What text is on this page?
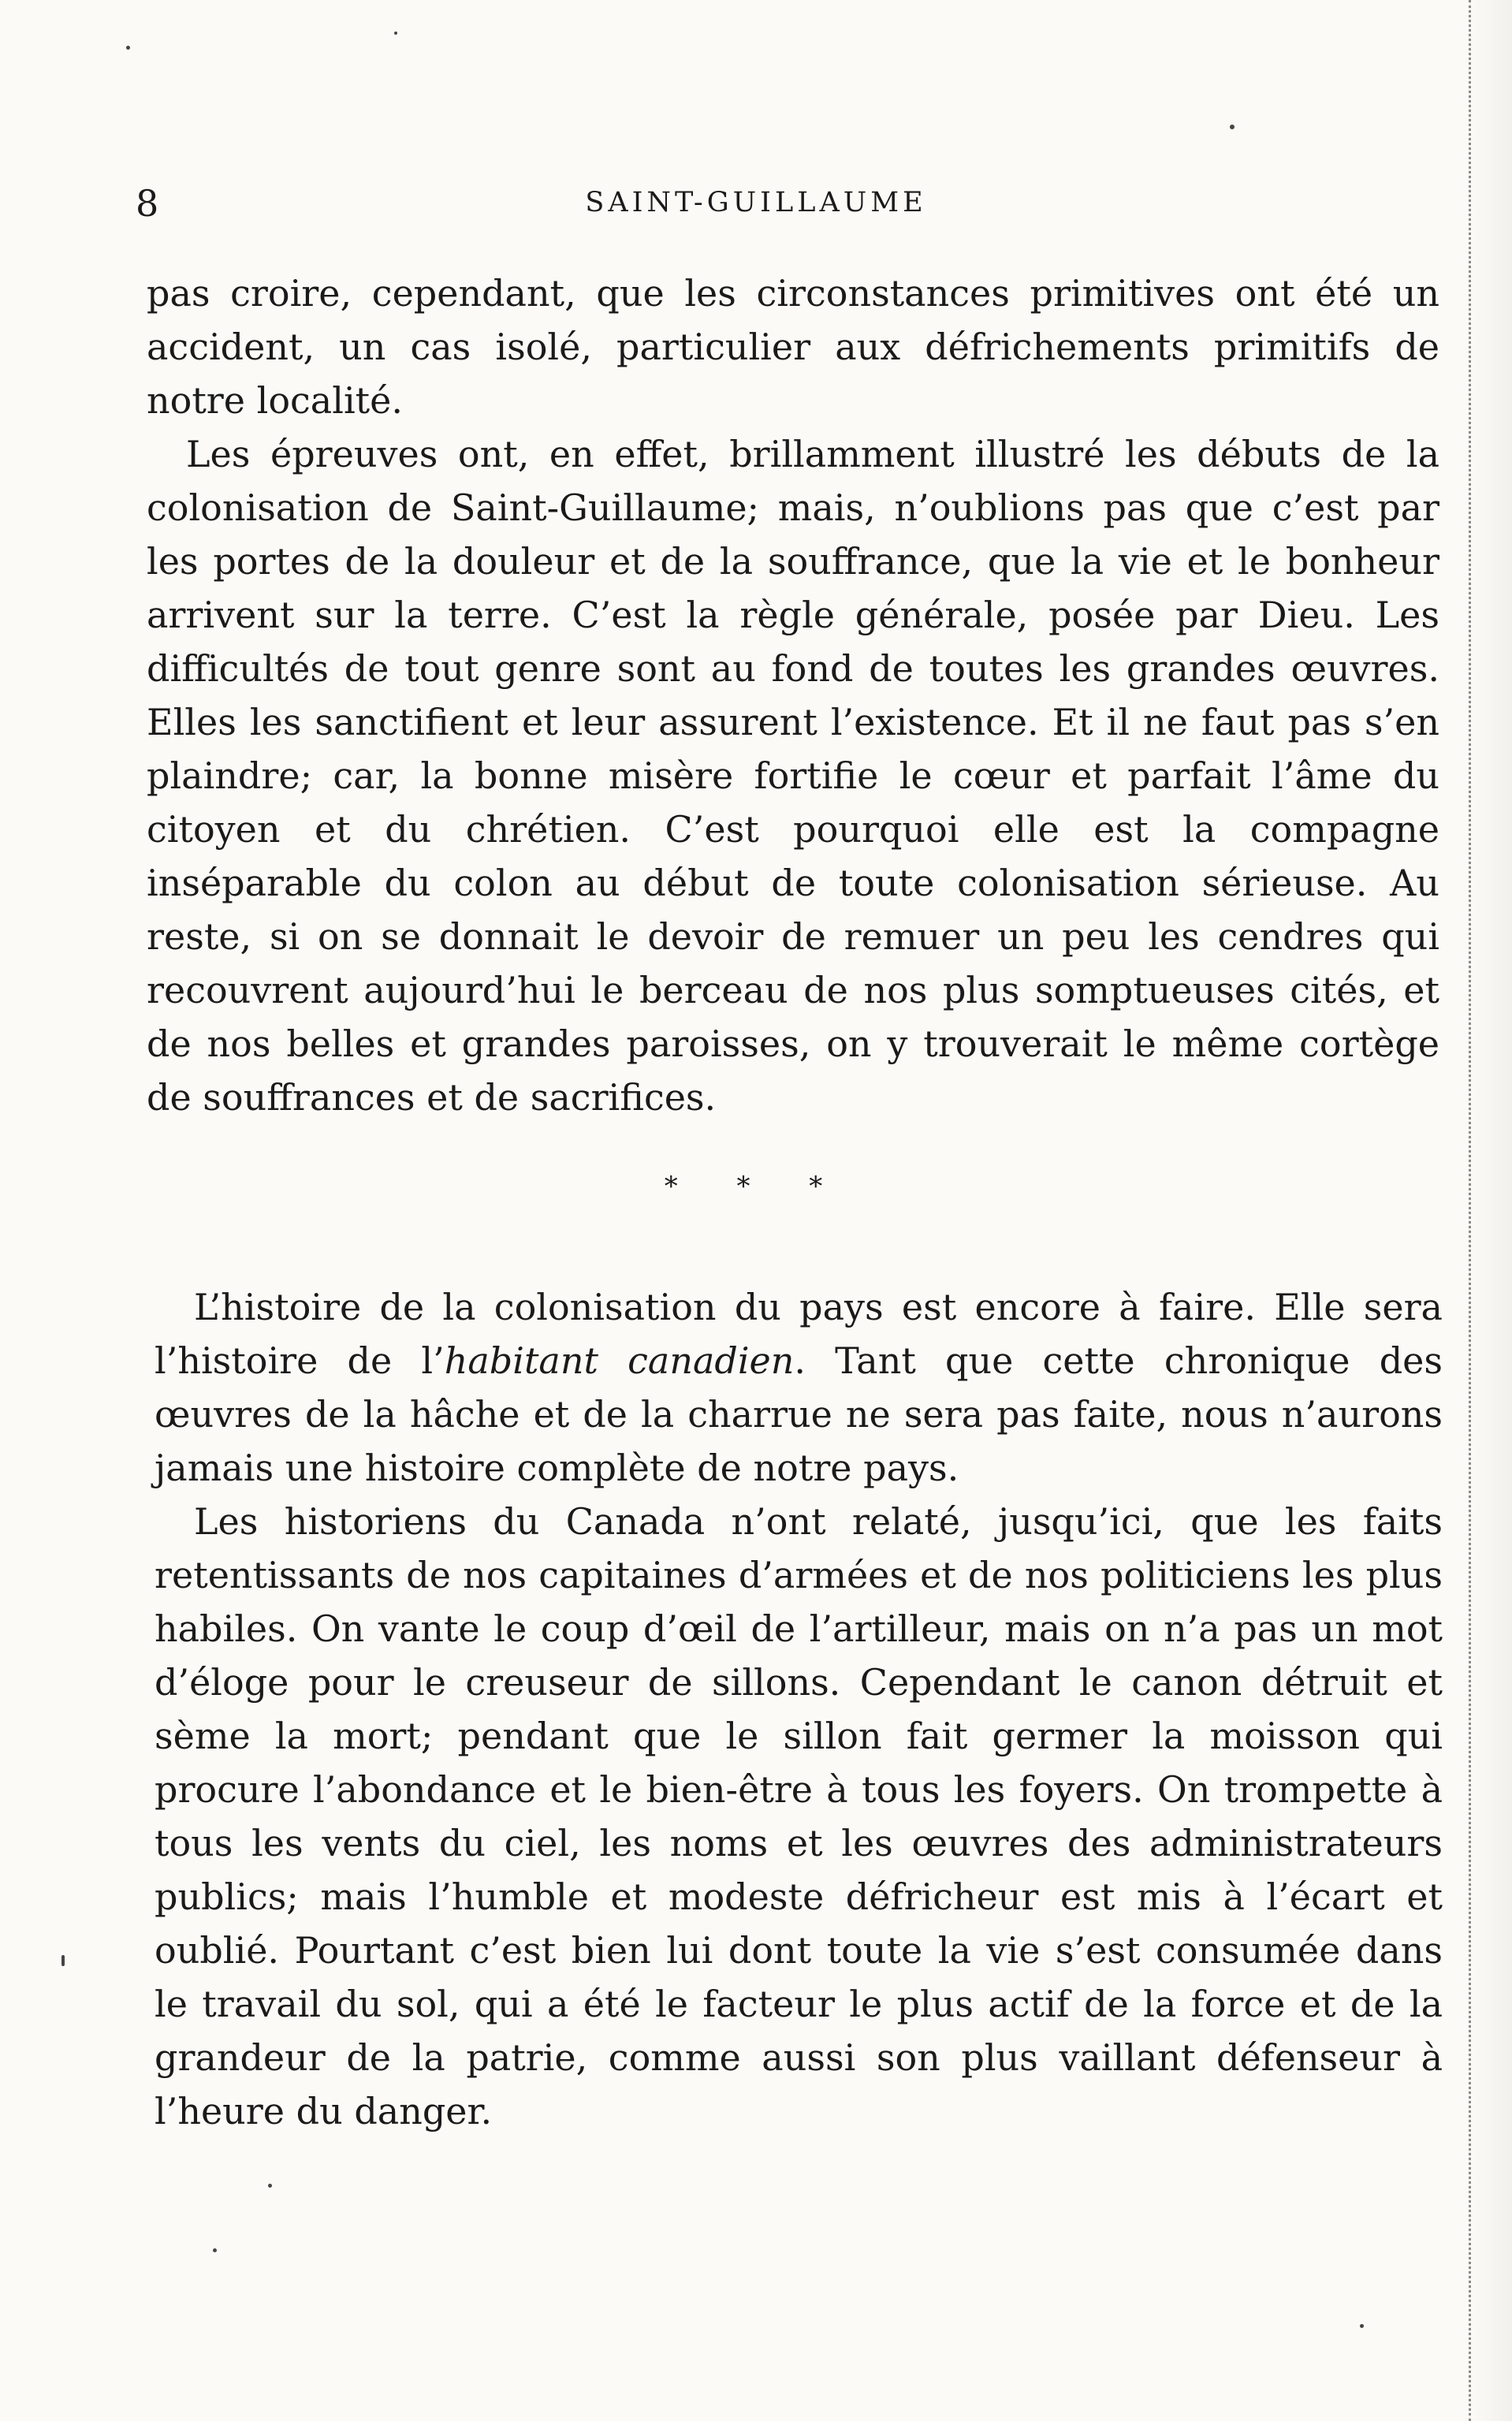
8	SAINT-GUILLAUME

pas croire, cependant, que les circonstances primitives ont été un accident, un cas isolé, particulier aux défrichements primitifs de notre localité.

Les épreuves ont, en effet, brillamment illustré les débuts de la colonisation de Saint-Guillaume; mais, n’oublions pas que c’est par les portes de la douleur et de la souffrance, que la vie et le bonheur arrivent sur la terre. C’est la règle générale, posée par Dieu. Les difficultés de tout genre sont au fond de toutes les grandes œuvres. Elles les sanctifient et leur assurent l’existence. Et il ne faut pas s’en plaindre; car, la bonne misère fortifie le cœur et parfait l’âme du citoyen et du chrétien. C’est pourquoi elle est la compagne inséparable du colon au début de toute colonisation sérieuse. Au reste, si on se donnait le devoir de remuer un peu les cendres qui recouvrent aujourd’hui le berceau de nos plus somptueuses cités, et de nos belles et grandes paroisses, on y trouverait le même cortège de souffrances et de sacrifices.

* * *

L’histoire de la colonisation du pays est encore à faire. Elle sera l’histoire de l’habitant canadien. Tant que cette chronique des œuvres de la hâche et de la charrue ne sera pas faite, nous n’aurons jamais une histoire complète de notre pays.

Les historiens du Canada n’ont relaté, jusqu’ici, que les faits retentissants de nos capitaines d’armées et de nos politiciens les plus habiles. On vante le coup d’œil de l’artilleur, mais on n’a pas un mot d’éloge pour le creuseur de sillons. Cependant le canon détruit et sème la mort; pendant que le sillon fait germer la moisson qui procure l’abondance et le bien-être à tous les foyers. On trompette à tous les vents du ciel, les noms et les œuvres des administrateurs publics; mais l’humble et modeste défricheur est mis à l’écart et oublié. Pourtant c’est bien lui dont toute la vie s’est consumée dans le travail du sol, qui a été le facteur le plus actif de la force et de la grandeur de la patrie, comme aussi son plus vaillant défenseur à l’heure du danger.
